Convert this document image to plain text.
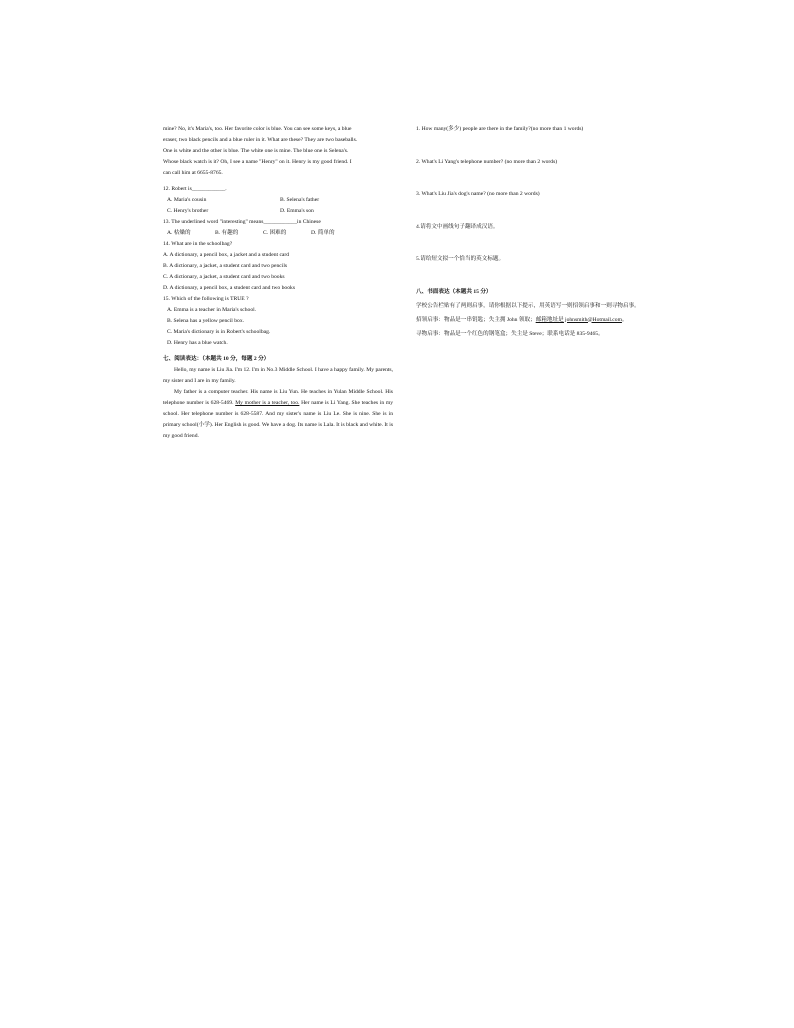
mine? No, it's Maria's, too. Her favorite color is blue. You can see some keys, a blue

eraser, two black pencils and a blue ruler in it. What are these? They are two baseballs.

One is white and the other is blue. The white one is mine. The blue one is Selena's.

Whose black watch is it? Oh, I see a name "Henry" on it. Henry is my good friend. I

can call him at 6655-8765.

12. Robert is____________.

A. Maria's cousin	B. Selena's father
C. Henry's brother	D. Emma's son

13. The underlined word "interesting" means____________in Chinese

A. 枯燥的	B. 有趣的	C. 困难的	D. 简单的

14. What are in the schoolbag?

A. A dictionary, a pencil box, a jacket and a student card

B. A dictionary, a jacket, a student card and two pencils

C. A dictionary, a jacket, a student card and two books

D. A dictionary, a pencil box, a student card and two books

15. Which of the following is TRUE ?

A. Emma is a teacher in Maria's school.

B. Selena has a yellow pencil box.

C. Maria's dictionary is in Robert's schoolbag.

D. Henry has a blue watch.

七、阅读表达：（本题共 10 分，每题 2 分）

Hello, my name is Liu Jia. I'm 12. I'm in No.3 Middle School. I have a happy family. My parents, my sister and I are in my family.

My father is a computer teacher. His name is Liu Yun. He teaches in Yulan Middle School. His telephone number is 628-5469. My mother is a teacher, too. Her name is Li Yang. She teaches in my school. Her telephone number is 628-5587. And my sister's name is Liu Le. She is nine. She is in primary school(小学). Her English is good. We have a dog. Its name is Lala. It is black and white. It is my good friend.

1. How many(多少) people are there in the family?(no more than 1 words)

2. What's Li Yang's telephone number? (no more than 2 words)

3. What's Liu Jia's dog's name? (no more than 2 words)

4.请将文中画线句子翻译成汉语。

5.请给短文拟一个恰当的英文标题。

八、书面表达（本题共 15 分）

学校公告栏贴有了两则启事，请你根据以下提示，用英语写一则招领启事和一则寻物启事。

招领启事：物品是一串钥匙；失主拥 John 领取；邮箱地址是 johnsmith@Hotmail.com。

寻物启事：物品是一个红色的钢笔盒；失主是 Steve；联系电话是 835-9465。
